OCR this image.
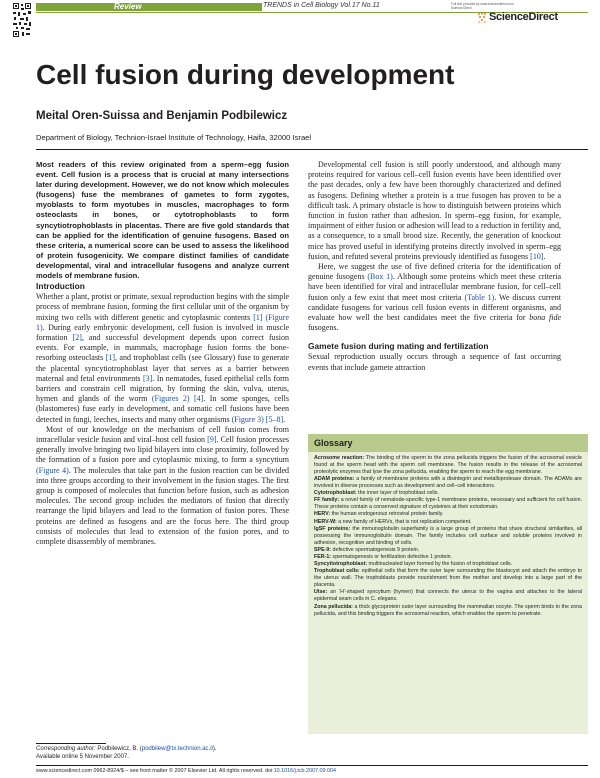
Review	TRENDS in Cell Biology Vol.17 No.11	Full text provided by www.sciencedirect.com
Science Direct
ScienceDirect
Cell fusion during development
Meital Oren-Suissa and Benjamin Podbilewicz
Department of Biology, Technion-Israel Institute of Technology, Haifa, 32000 Israel

Most readers of this review originated from a sperm–egg fusion event. Cell fusion is a process that is crucial at many intersections later during development. However, we do not know which molecules (fusogens) fuse the membranes of gametes to form zygotes, myoblasts to form myotubes in muscles, macrophages to form osteoclasts in bones, or cytotrophoblasts to form syncytiotrophoblasts in placentas. There are five gold standards that can be applied for the identification of genuine fusogens. Based on these criteria, a numerical score can be used to assess the likelihood of protein fusogenicity. We compare distinct families of candidate developmental, viral and intracellular fusogens and analyze current models of membrane fusion.

Introduction

Whether a plant, protist or primate, sexual reproduction begins with the simple process of membrane fusion, forming the first cellular unit of the organism by mixing two cells with different genetic and cytoplasmic contents [1] (Figure 1). During early embryonic development, cell fusion is involved in muscle formation [2], and successful development depends upon correct fusion events. For example, in mammals, macrophage fusion forms the bone-resorbing osteoclasts [1], and trophoblast cells (see Glossary) fuse to generate the placental syncytiotrophoblast layer that serves as a barrier between maternal and fetal environments [3]. In nematodes, fused epithelial cells form barriers and constrain cell migration, by forming the skin, vulva, uterus, hymen and glands of the worm (Figures 2) [4]. In some sponges, cells (blastomeres) fuse early in development, and somatic cell fusions have been detected in fungi, leeches, insects and many other organisms (Figure 3) [5–8].

Most of our knowledge on the mechanism of cell fusion comes from intracellular vesicle fusion and viral–host cell fusion [9]. Cell fusion processes generally involve bringing two lipid bilayers into close proximity, followed by the formation of a fusion pore and cytoplasmic mixing, to form a syncytium (Figure 4). The molecules that take part in the fusion reaction can be divided into three groups according to their involvement in the fusion stages. The first group is composed of molecules that function before fusion, such as adhesion molecules. The second group includes the mediators of fusion that directly rearrange the lipid bilayers and lead to the formation of fusion pores. These proteins are defined as fusogens and are the focus here. The third group consists of molecules that lead to extension of the fusion pores, and to complete disassembly of membranes.

Developmental cell fusion is still poorly understood, and although many proteins required for various cell–cell fusion events have been identified over the past decades, only a few have been thoroughly characterized and defined as fusogens. Defining whether a protein is a true fusogen has proven to be a difficult task. A primary obstacle is how to distinguish between proteins which function in fusion rather than adhesion. In sperm–egg fusion, for example, impairment of either fusion or adhesion will lead to a reduction in fertility and, as a consequence, to a small brood size. Recently, the generation of knockout mice has proved useful in identifying proteins directly involved in sperm–egg fusion, and refuted several proteins previously identified as fusogens [10].

Here, we suggest the use of five defined criteria for the identification of genuine fusogens (Box 1). Although some proteins which meet these criteria have been identified for viral and intracellular membrane fusion, for cell–cell fusion only a few exist that meet most criteria (Table 1). We discuss current candidate fusogens for various cell fusion events in different organisms, and evaluate how well the best candidates meet the five criteria for bona fide fusogens.

Gamete fusion during mating and fertilization

Sexual reproduction usually occurs through a sequence of fast occurring events that include gamete attraction

Glossary

Acrosome reaction: The binding of the sperm to the zona pellucida triggers the fusion of the acrosomal vesicle found at the sperm head with the sperm cell membrane. The fusion results in the release of the acrosomal proteolytic enzymes that lyse the zona pellucida, enabling the sperm to reach the egg membrane.

ADAM proteins: a family of membrane proteins with a disintegrin and metalloprotease domain. The ADAMs are involved in diverse processes such as development and cell–cell interactions.

Cytotrophoblast: the inner layer of trophoblast cells.

FF family: a novel family of nematode-specific type-1 membrane proteins, necessary and sufficient for cell fusion. These proteins contain a conserved signature of cysteines at their ectodomain.

HERV: the human endogenous retroviral protein family.

HERV-W: a new family of HERVs, that is not replication competent.

IgSF proteins: the immunoglobulin superfamily is a large group of proteins that share structural similarities, all possessing the immunoglobulin domain. The family includes cell surface and soluble proteins involved in adhesion, recognition and binding of cells.

SPE-9: defective spermatogenesis 9 protein.

FER-1: spermatogenesis or fertilization defective 1 protein.

Syncytiotrophoblast: multinucleated layer formed by the fusion of trophoblast cells.

Trophoblast cells: epithelial cells that form the outer layer surrounding the blastocyst and attach the embryo to the uterus wall. The trophoblasts provide nourishment from the mother and develop into a large part of the placenta.

Utse: an ‘H’-shaped syncytium (hymen) that connects the uterus to the vagina and attaches to the lateral epidermal seam cells in C. elegans.

Zona pellucida: a thick glycoprotein outer layer surrounding the mammalian oocyte. The sperm binds to the zona pellucida, and this binding triggers the acrosomal reaction, which enables the sperm to penetrate.

Corresponding author: Podbilewicz, B. (podbilew@tx.technion.ac.il).
Available online 5 November 2007.
www.sciencedirect.com 0962-8924/$ – see front matter © 2007 Elsevier Ltd. All rights reserved. doi:10.1016/j.tcb.2007.09.004
